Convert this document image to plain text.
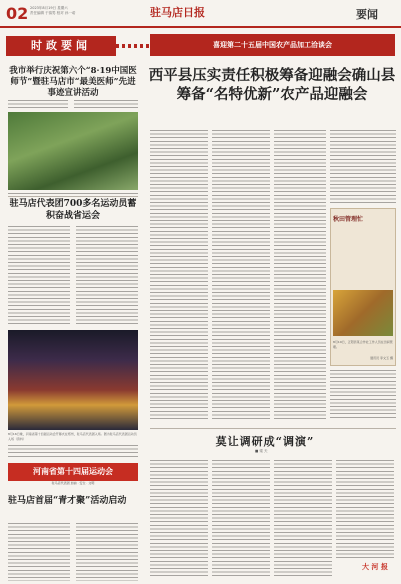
02 2023年8月19日 星期六
责任编辑 于赛男 校对 孙一诺	驻马店日报	要闻
时政要闻	喜迎第二十五届中国农产品加工洽谈会
我市举行庆祝第六个“8·19中国医师节”暨驻马店市“最美医师”先进事迹宣讲活动
驻马店代表团700多名运动员蓄积奋战省运会
8月16日晚，河南省第十四届运动会开幕式在郑州，驻马店代表团入场。图为驻马店代表团运动员入场（资料）
河南省第十四届运动会
驻马店代表团 加油 · 安全 · 文明
驻马店首届“青才聚”活动启动
西平县压实责任积极筹备迎融会确山县筹备“名特优新”农产品迎融会
秋田管理忙
8月19日，正阳县某合作社工作人员在田间管理。
通讯员 李文玉 摄
莫让调研成“调演”
■ 梁 天
大 河 报
